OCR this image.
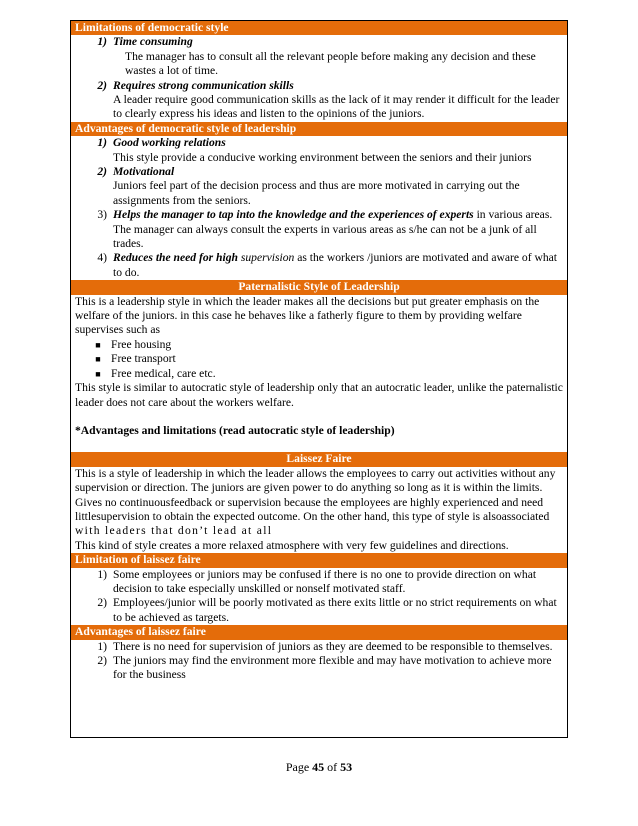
Limitations of democratic style
1) Time consuming
The manager has to consult all the relevant people before making any decision and these wastes a lot of time.
2) Requires strong communication skills
A leader require good communication skills as the lack of it may render it difficult for the leader to clearly express his ideas and listen to the opinions of the juniors.
Advantages of democratic style of leadership
1) Good working relations
This style provide a conducive working environment between the seniors and their juniors
2) Motivational
Juniors feel part of the decision process and thus are more motivated in carrying out the assignments from the seniors.
3) Helps the manager to tap into the knowledge and the experiences of experts in various areas. The manager can always consult the experts in various areas as s/he can not be a junk of all trades.
4) Reduces the need for high supervision as the workers /juniors are motivated and aware of what to do.
Paternalistic Style of Leadership
This is a leadership style in which the leader makes all the decisions but put greater emphasis on the welfare of the juniors. in this case he behaves like a fatherly figure to them by providing welfare supervises such as
■ Free housing
■ Free transport
■ Free medical, care etc.
This style is similar to autocratic style of leadership only that an autocratic leader, unlike the paternalistic leader does not care about the workers welfare.
*Advantages and limitations (read autocratic style of leadership)
Laissez Faire
This is a style of leadership in which the leader allows the employees to carry out activities without any supervision or direction. The juniors are given power to do anything so long as it is within the limits. Gives no continuousfeedback or supervision because the employees are highly experienced and need littlesupervision to obtain the expected outcome. On the other hand, this type of style is alsoassociated with leaders that don’t lead at all
This kind of style creates a more relaxed atmosphere with very few guidelines and directions.
Limitation of laissez faire
1) Some employees or juniors may be confused if there is no one to provide direction on what decision to take especially unskilled or nonself motivated staff.
2) Employees/junior will be poorly motivated as there exits little or no strict requirements on what to be achieved as targets.
Advantages of laissez faire
1) There is no need for supervision of juniors as they are deemed to be responsible to themselves.
2) The juniors may find the environment more flexible and may have motivation to achieve more for the business
Page 45 of 53
